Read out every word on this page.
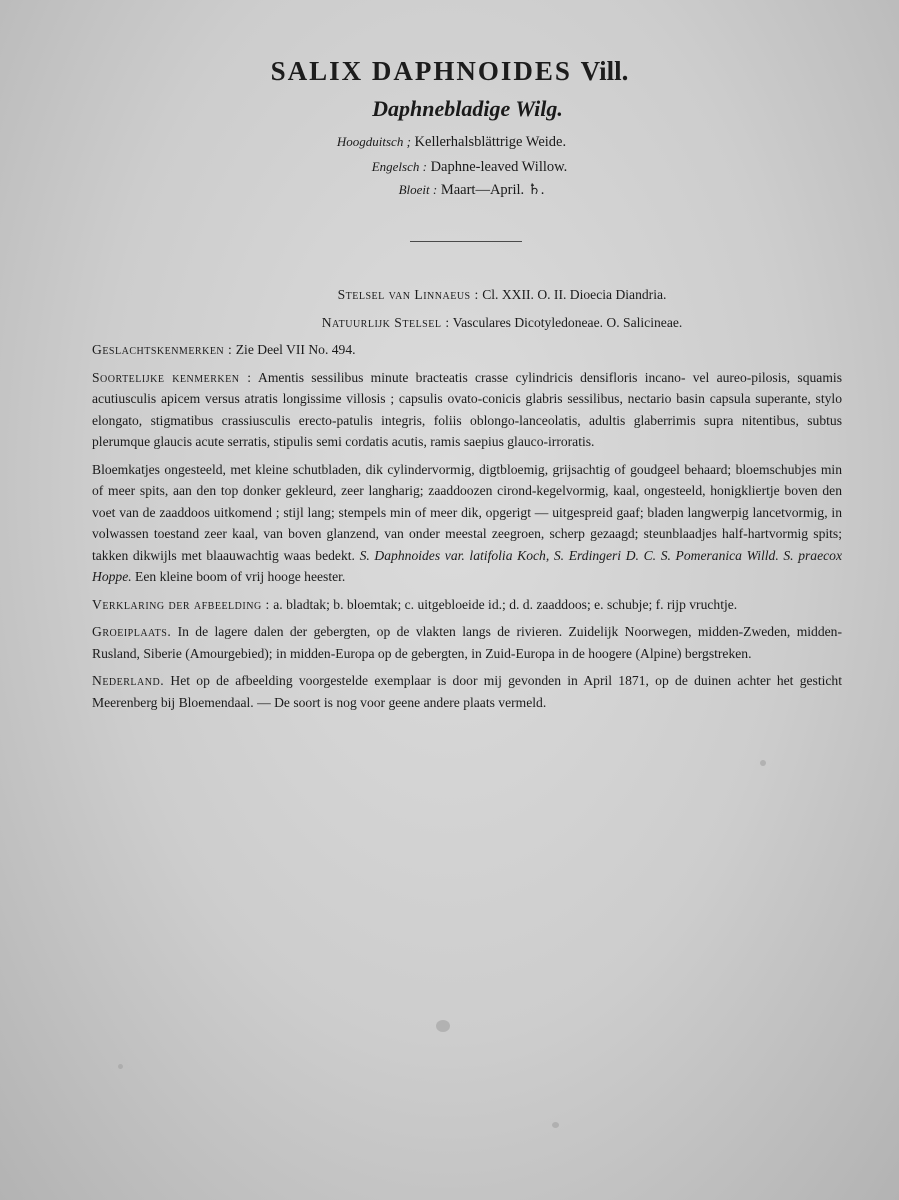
SALIX DAPHNOIDES Vill.
Daphnebladige Wilg.
Hoogduitsch ; Kellerhalsblättrige Weide.
Engelsch : Daphne-leaved Willow.
Bloeit : Maart—April. ♄.

Stelsel van Linnaeus : Cl. XXII. O. II. Dioecia Diandria.

Natuurlijk Stelsel : Vasculares Dicotyledoneae. O. Salicineae.

Geslachtskenmerken : Zie Deel VII No. 494.

Soortelijke kenmerken : Amentis sessilibus minute bracteatis crasse cylindricis densifloris incano- vel aureo-pilosis, squamis acutiusculis apicem versus atratis longissime villosis ; capsulis ovato-conicis glabris sessilibus, nectario basin capsula superante, stylo elongato, stigmatibus crassiusculis erecto-patulis integris, foliis oblongo-lanceolatis, adultis glaberrimis supra nitentibus, subtus plerumque glaucis acute serratis, stipulis semi cordatis acutis, ramis saepius glauco-irroratis.

Bloemkatjes ongesteeld, met kleine schutbladen, dik cylindervormig, digtbloemig, grijsachtig of goudgeel behaard; bloemschubjes min of meer spits, aan den top donker gekleurd, zeer langharig; zaaddoozen cirond-kegelvormig, kaal, ongesteeld, honigkliertje boven den voet van de zaaddoos uitkomend ; stijl lang; stempels min of meer dik, opgerigt — uitgespreid gaaf; bladen langwerpig lancetvormig, in volwassen toestand zeer kaal, van boven glanzend, van onder meestal zeegroen, scherp gezaagd; steunblaadjes half-hartvormig spits; takken dikwijls met blaauwachtig waas bedekt. S. Daphnoides var. latifolia Koch, S. Erdingeri D. C. S. Pomeranica Willd. S. praecox Hoppe. Een kleine boom of vrij hooge heester.

Verklaring der afbeelding : a. bladtak; b. bloemtak; c. uitgebloeide id.; d. d. zaaddoos; e. schubje; f. rijp vruchtje.

Groeiplaats. In de lagere dalen der gebergten, op de vlakten langs de rivieren. Zuidelijk Noorwegen, midden-Zweden, midden-Rusland, Siberie (Amourgebied); in midden-Europa op de gebergten, in Zuid-Europa in de hoogere (Alpine) bergstreken.

Nederland. Het op de afbeelding voorgestelde exemplaar is door mij gevonden in April 1871, op de duinen achter het gesticht Meerenberg bij Bloemendaal. — De soort is nog voor geene andere plaats vermeld.
